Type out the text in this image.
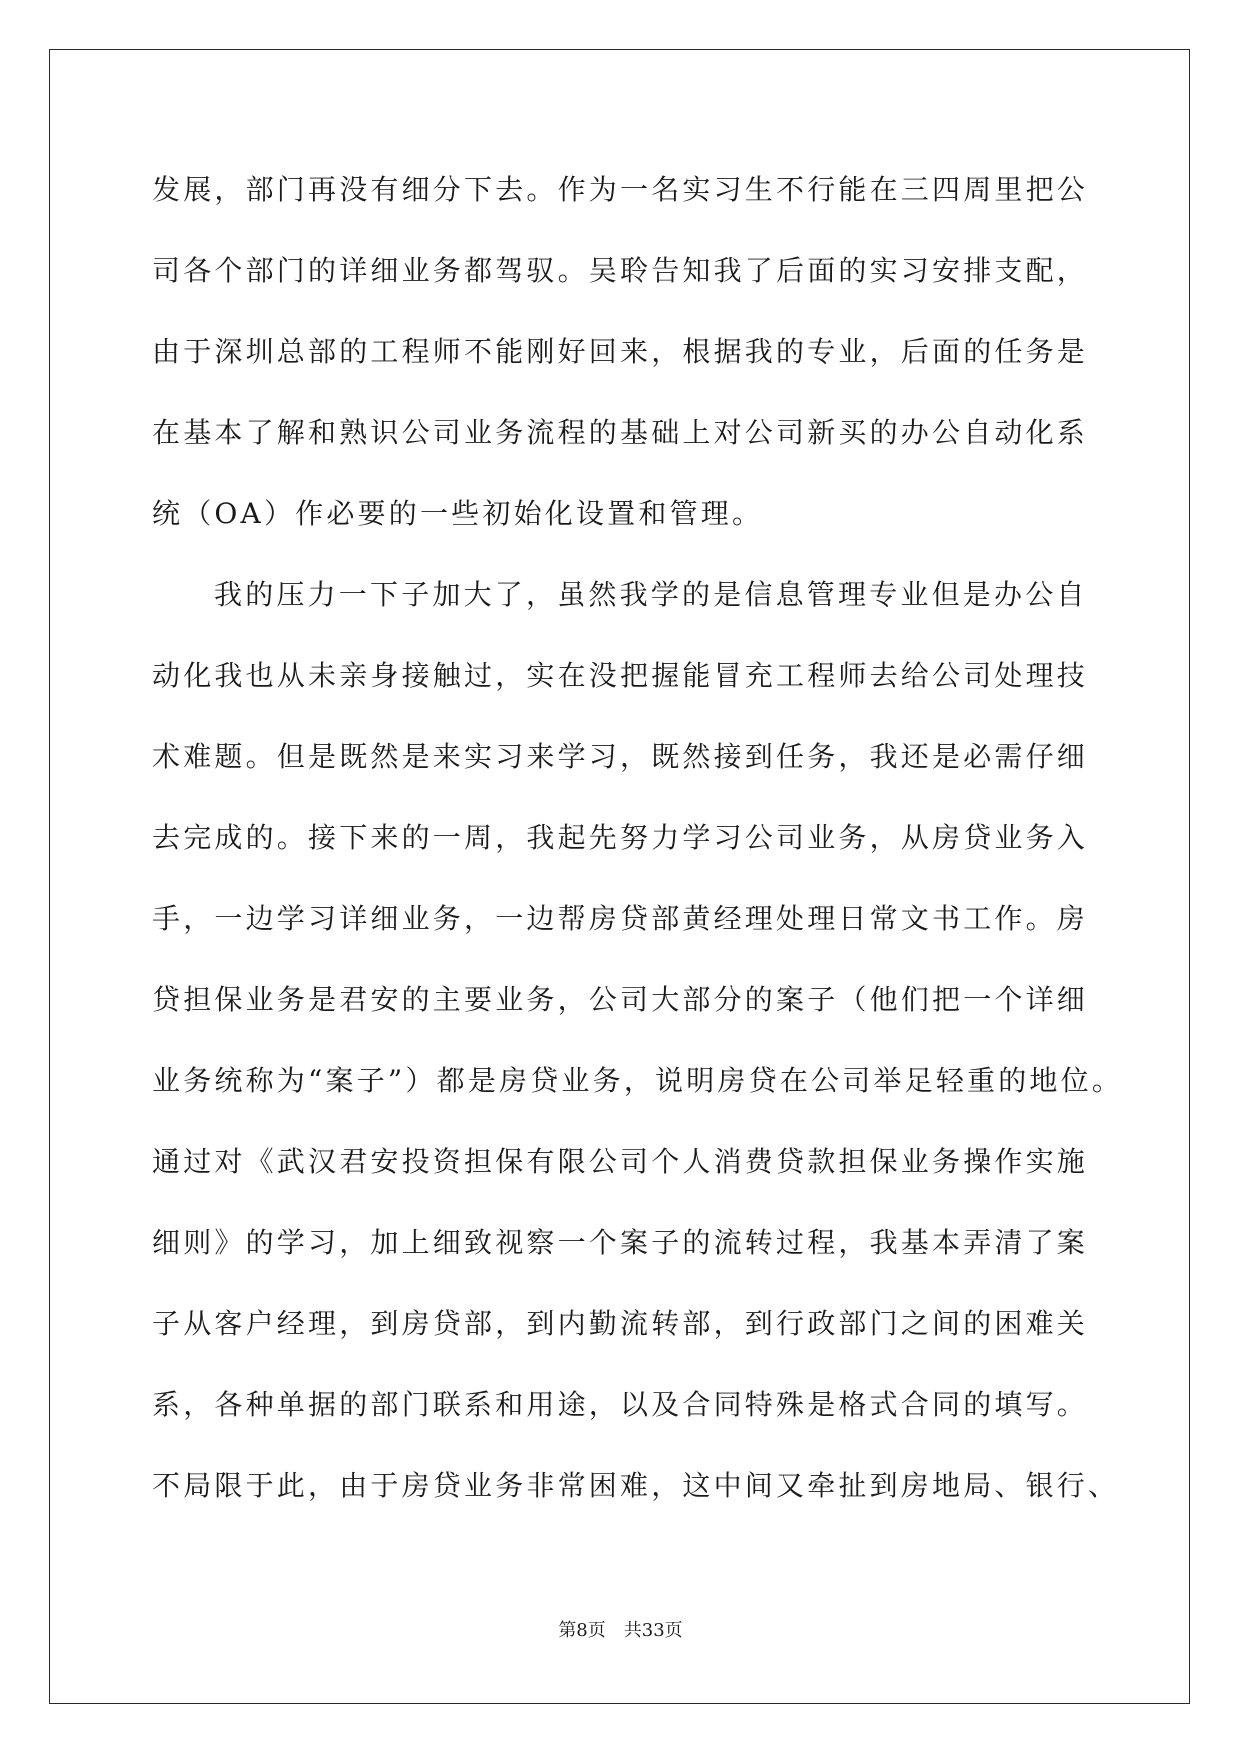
发展，部门再没有细分下去。作为一名实习生不行能在三四周里把公
司各个部门的详细业务都驾驭。吴聆告知我了后面的实习安排支配，
由于深圳总部的工程师不能刚好回来，根据我的专业，后面的任务是
在基本了解和熟识公司业务流程的基础上对公司新买的办公自动化系
统（OA）作必要的一些初始化设置和管理。
我的压力一下子加大了，虽然我学的是信息管理专业但是办公自
动化我也从未亲身接触过，实在没把握能冒充工程师去给公司处理技
术难题。但是既然是来实习来学习，既然接到任务，我还是必需仔细
去完成的。接下来的一周，我起先努力学习公司业务，从房贷业务入
手，一边学习详细业务，一边帮房贷部黄经理处理日常文书工作。房
贷担保业务是君安的主要业务，公司大部分的案子（他们把一个详细
业务统称为“案子”）都是房贷业务，说明房贷在公司举足轻重的地位。
通过对《武汉君安投资担保有限公司个人消费贷款担保业务操作实施
细则》的学习，加上细致视察一个案子的流转过程，我基本弄清了案
子从客户经理，到房贷部，到内勤流转部，到行政部门之间的困难关
系，各种单据的部门联系和用途，以及合同特殊是格式合同的填写。
不局限于此，由于房贷业务非常困难，这中间又牵扯到房地局、银行、
第8页 共33页
